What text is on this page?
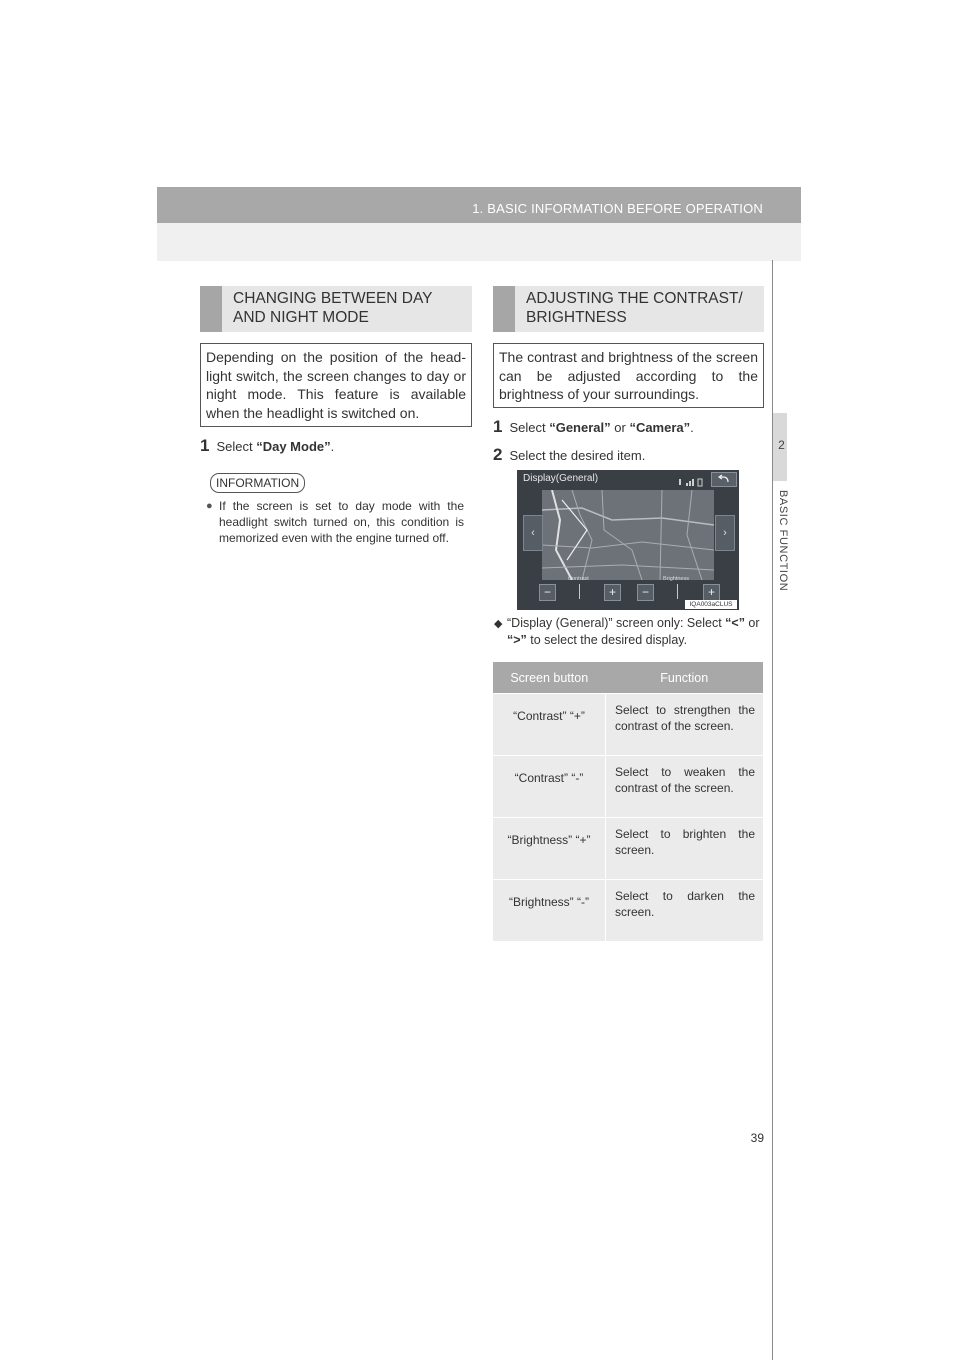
1. BASIC INFORMATION BEFORE OPERATION
2
BASIC FUNCTION
CHANGING BETWEEN DAY
AND NIGHT MODE
Depending on the position of the head-light switch, the screen changes to day or night mode. This feature is available when the headlight is switched on.
1 Select “Day Mode”.
INFORMATION
● If the screen is set to day mode with the headlight switch turned on, this condition is memorized even with the engine turned off.
ADJUSTING THE CONTRAST/
BRIGHTNESS
The contrast and brightness of the screen can be adjusted according to the brightness of your surroundings.
1 Select “General” or “Camera”.
2 Select the desired item.
Display(General)
‹	›
Contrast	Brightness
−	+	−	+
IQA003aCLUS
◆ “Display (General)” screen only: Select “<” or “>” to select the desired display.
Screen button	Function
“Contrast” “+”	Select to strengthen the contrast of the screen.
“Contrast” “-”	Select to weaken the contrast of the screen.
“Brightness” “+”	Select to brighten the screen.
“Brightness” “-”	Select to darken the screen.
39
